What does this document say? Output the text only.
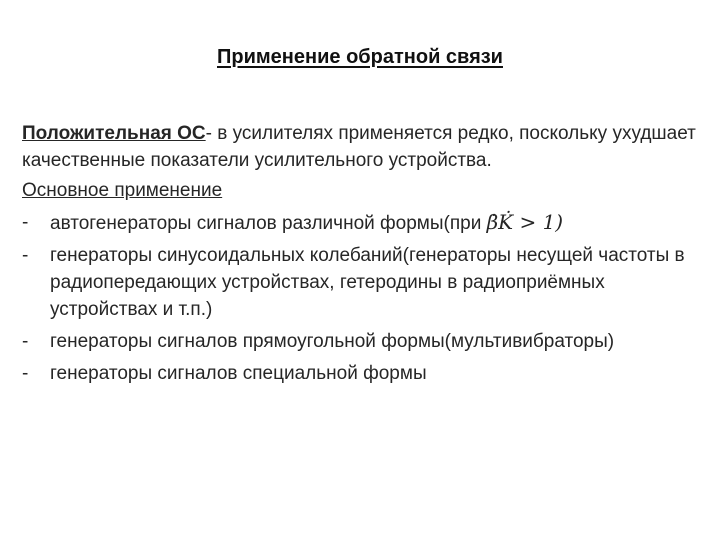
Применение обратной связи

Положительная ОС- в усилителях применяется редко, поскольку ухудшает качественные показатели усилительного устройства.

Основное применение
-	автогенераторы сигналов различной формы(при β̇K̇ > 1)
-	генераторы синусоидальных колебаний(генераторы несущей частоты в радиопередающих устройствах, гетеродины в радиоприёмных устройствах и т.п.)
-	генераторы сигналов прямоугольной формы(мультивибраторы)
-	генераторы сигналов специальной формы
